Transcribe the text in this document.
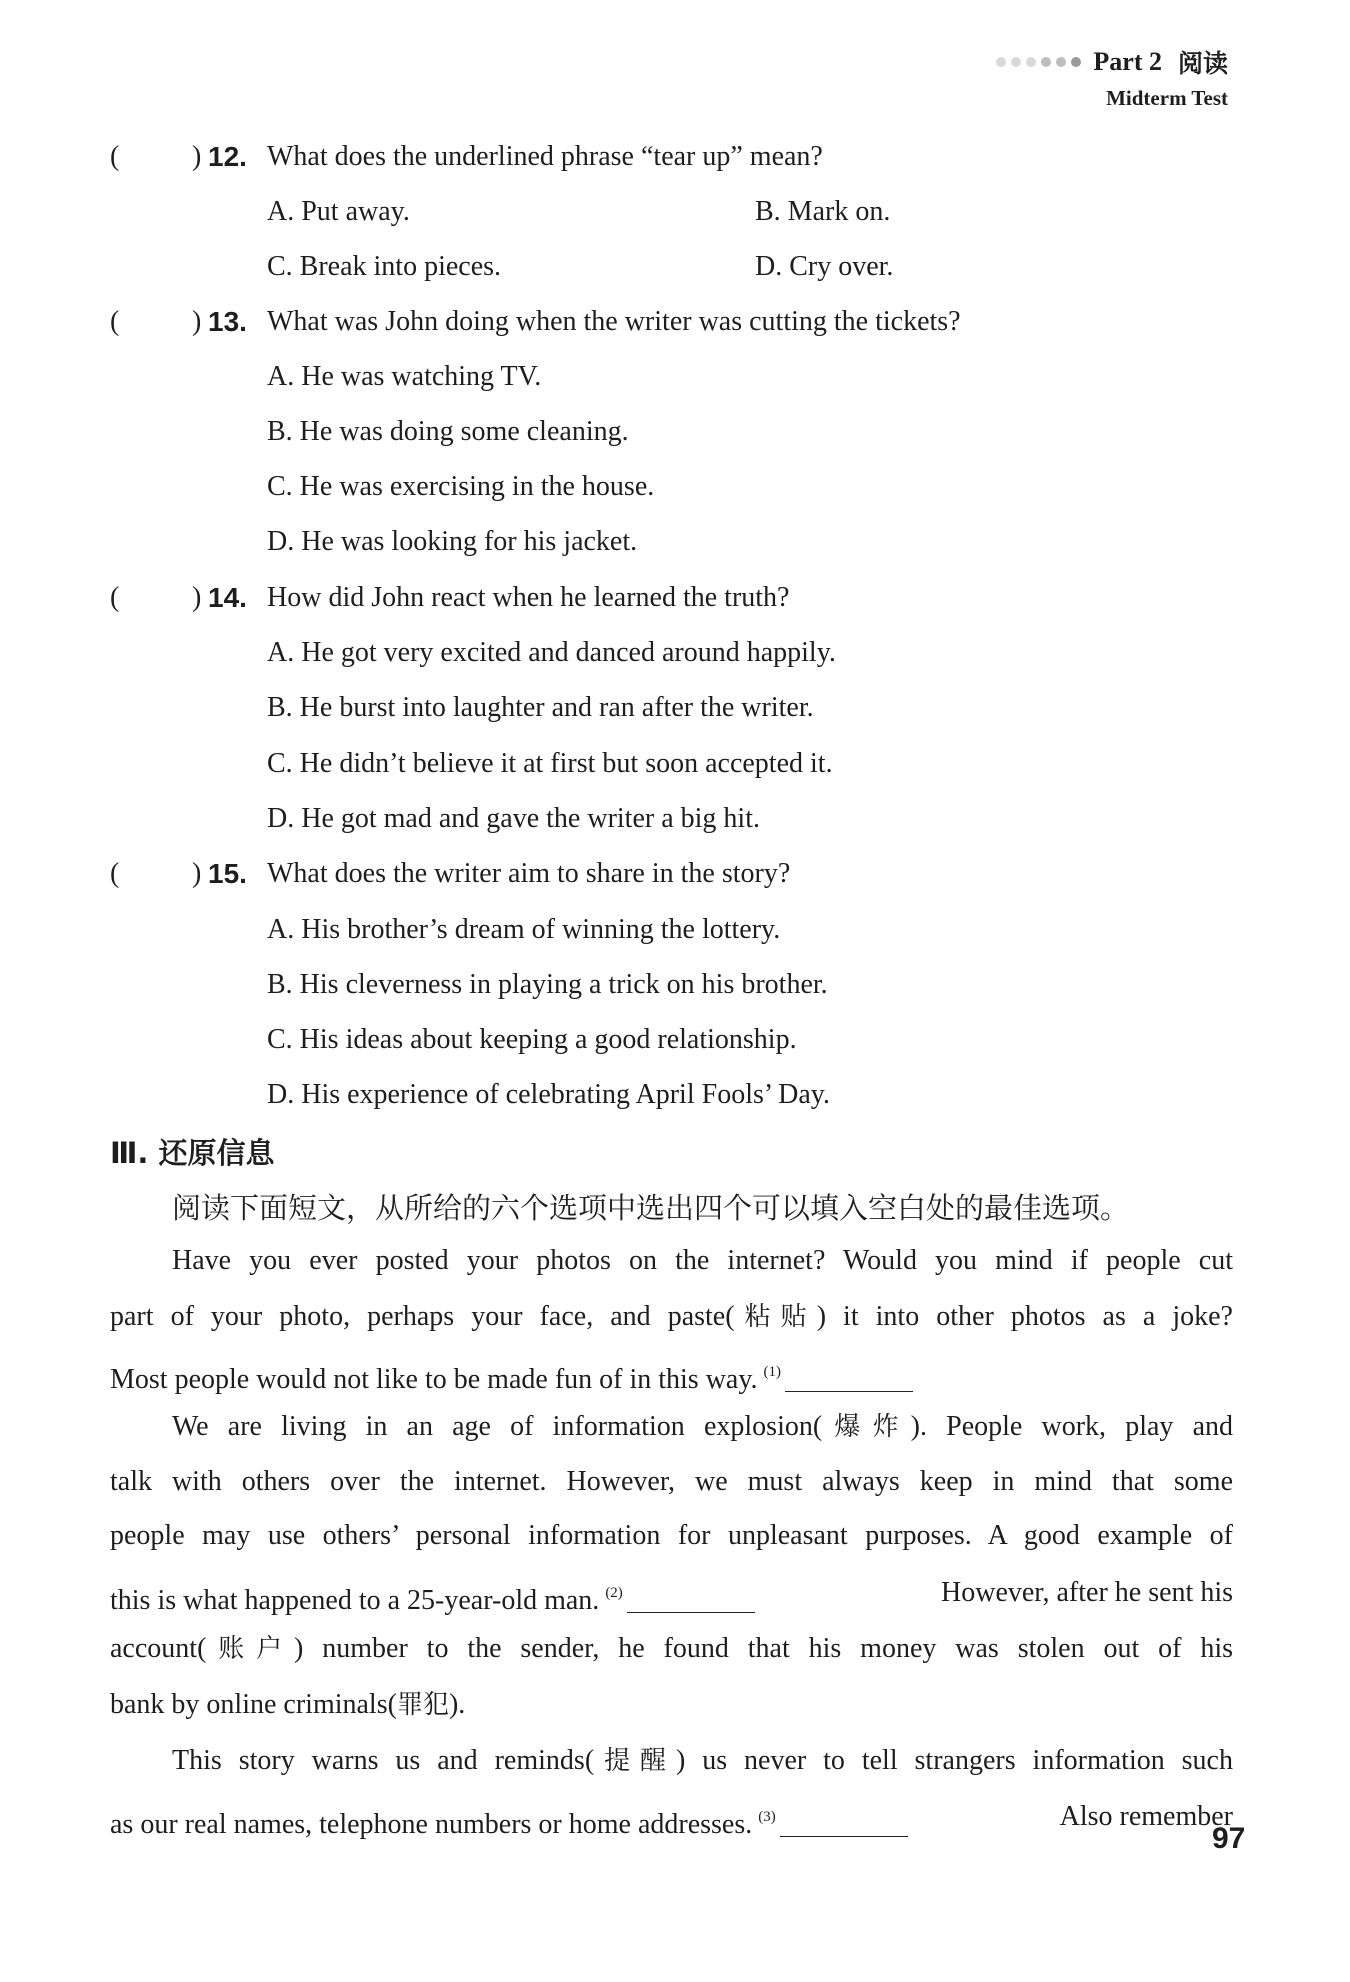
Part 2 阅读
Midterm Test
(	) 12. What does the underlined phrase “tear up” mean?
A. Put away.	B. Mark on.
C. Break into pieces.	D. Cry over.
(	) 13. What was John doing when the writer was cutting the tickets?
A. He was watching TV.
B. He was doing some cleaning.
C. He was exercising in the house.
D. He was looking for his jacket.
(	) 14. How did John react when he learned the truth?
A. He got very excited and danced around happily.
B. He burst into laughter and ran after the writer.
C. He didn’t believe it at first but soon accepted it.
D. He got mad and gave the writer a big hit.
(	) 15. What does the writer aim to share in the story?
A. His brother’s dream of winning the lottery.
B. His cleverness in playing a trick on his brother.
C. His ideas about keeping a good relationship.
D. His experience of celebrating April Fools’ Day.
Ⅲ. 还原信息
阅读下面短文，从所给的六个选项中选出四个可以填入空白处的最佳选项。
Have you ever posted your photos on the internet? Would you mind if people cut
part of your photo, perhaps your face, and paste(粘贴) it into other photos as a joke?
Most people would not like to be made fun of in this way. $^{(1)}$
We are living in an age of information explosion(爆炸). People work, play and
talk with others over the internet. However, we must always keep in mind that some
people may use others’ personal information for unpleasant purposes. A good example of
this is what happened to a 25-year-old man. $^{(2)}$	However, after he sent his
account(账户) number to the sender, he found that his money was stolen out of his
bank by online criminals(罪犯).
This story warns us and reminds(提醒) us never to tell strangers information such
as our real names, telephone numbers or home addresses. $^{(3)}$	Also remember
97
